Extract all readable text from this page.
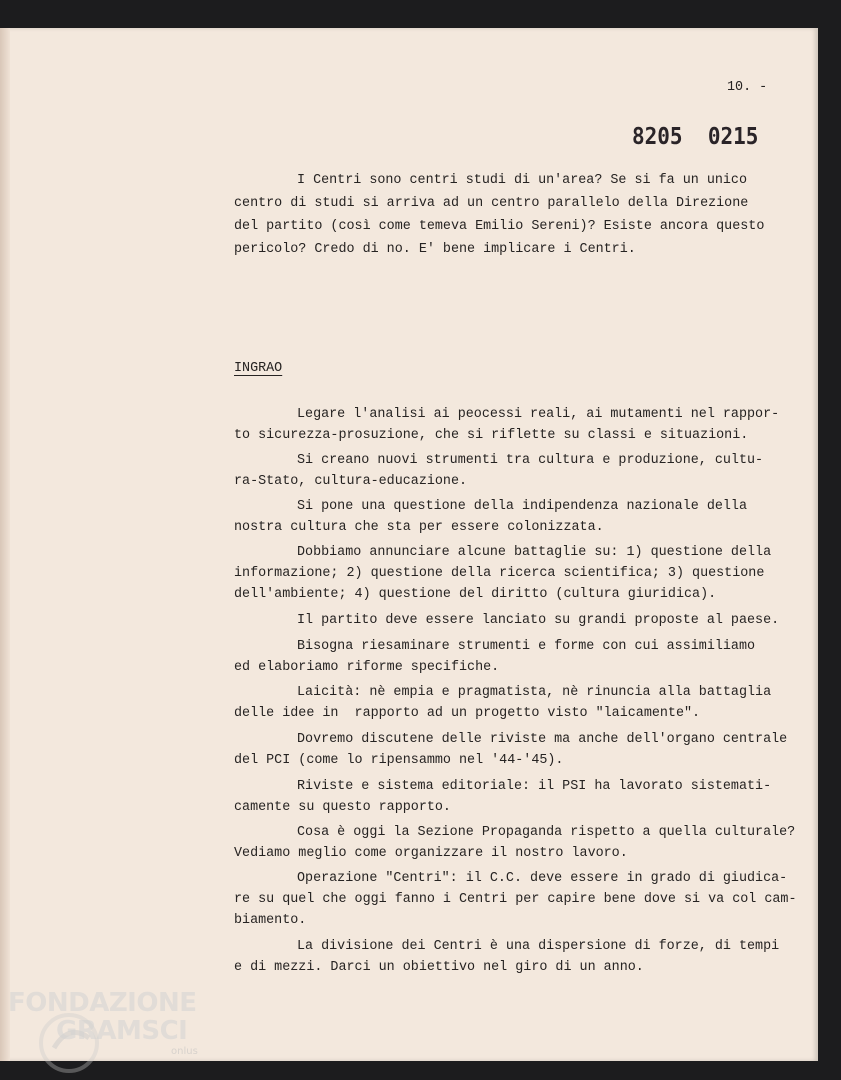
10. -
8205  0215
I Centri sono centri studi di un'area? Se si fa un unico
centro di studi si arriva ad un centro parallelo della Direzione
del partito (così come temeva Emilio Sereni)? Esiste ancora questo
pericolo? Credo di no. E' bene implicare i Centri.
INGRAO
Legare l'analisi ai peocessi reali, ai mutamenti nel rappor-
to sicurezza-prosuzione, che si riflette su classi e situazioni.
Si creano nuovi strumenti tra cultura e produzione, cultu-
ra-Stato, cultura-educazione.
Si pone una questione della indipendenza nazionale della
nostra cultura che sta per essere colonizzata.
Dobbiamo annunciare alcune battaglie su: 1) questione della
informazione; 2) questione della ricerca scientifica; 3) questione
dell'ambiente; 4) questione del diritto (cultura giuridica).
Il partito deve essere lanciato su grandi proposte al paese.
Bisogna riesaminare strumenti e forme con cui assimiliamo
ed elaboriamo riforme specifiche.
Laicità: nè empia e pragmatista, nè rinuncia alla battaglia
delle idee in  rapporto ad un progetto visto "laicamente".
Dovremo discutene delle riviste ma anche dell'organo centrale
del PCI (come lo ripensammo nel '44-'45).
Riviste e sistema editoriale: il PSI ha lavorato sistemati-
camente su questo rapporto.
Cosa è oggi la Sezione Propaganda rispetto a quella culturale?
Vediamo meglio come organizzare il nostro lavoro.
Operazione "Centri": il C.C. deve essere in grado di giudica-
re su quel che oggi fanno i Centri per capire bene dove si va col cam-
biamento.
La divisione dei Centri è una dispersione di forze, di tempi
e di mezzi. Darci un obiettivo nel giro di un anno.
FONDAZIONE
GRAMSCI
onlus
